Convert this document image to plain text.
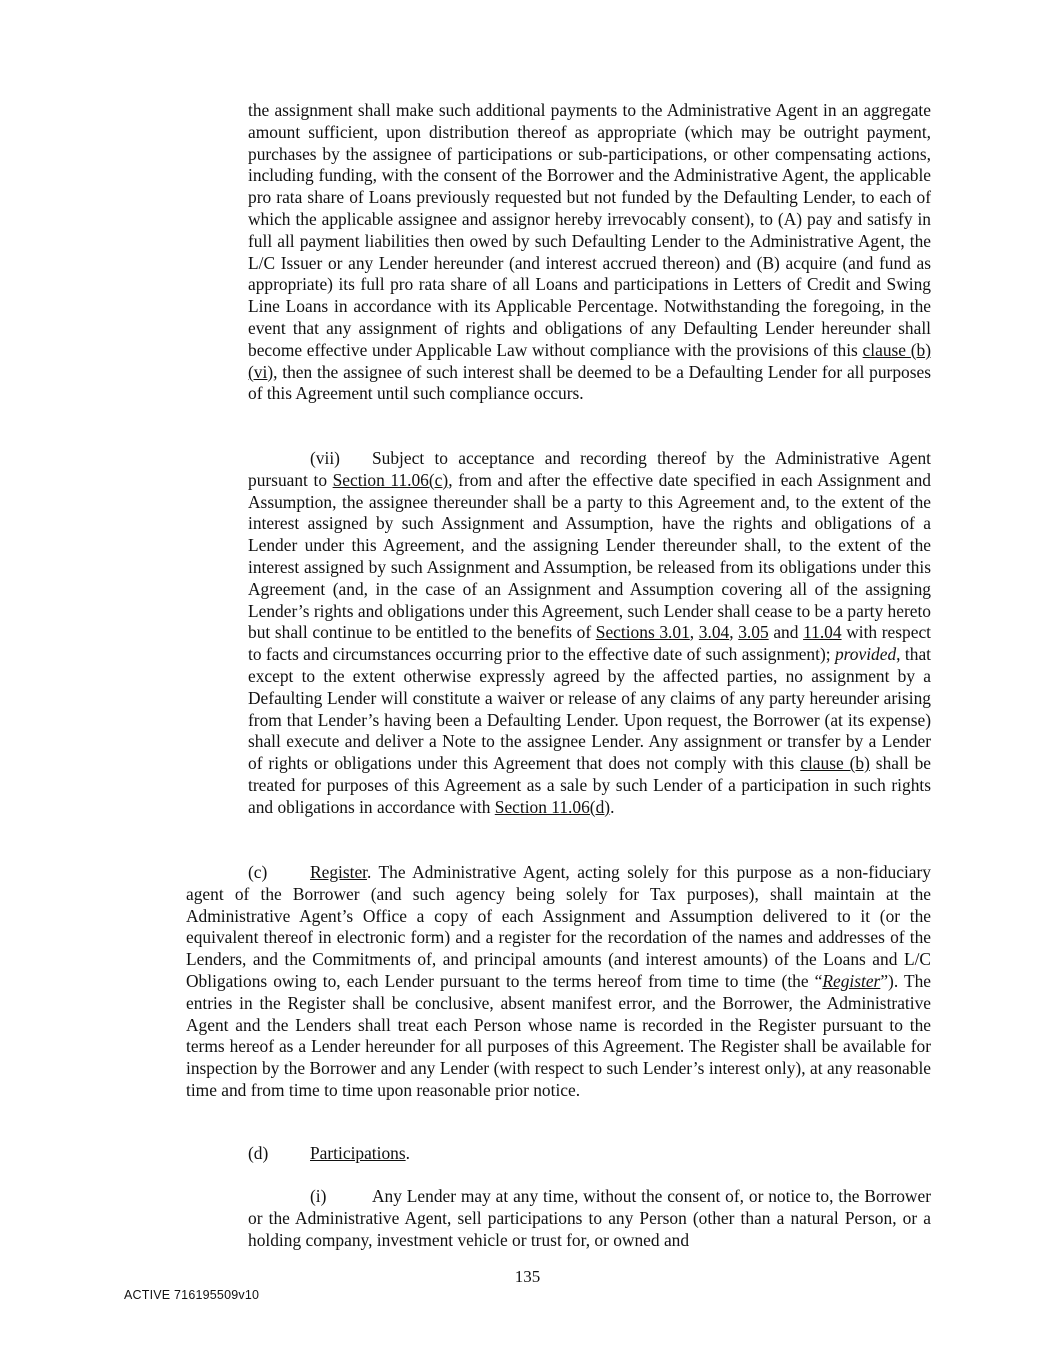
the assignment shall make such additional payments to the Administrative Agent in an aggregate amount sufficient, upon distribution thereof as appropriate (which may be outright payment, purchases by the assignee of participations or sub-participations, or other compensating actions, including funding, with the consent of the Borrower and the Administrative Agent, the applicable pro rata share of Loans previously requested but not funded by the Defaulting Lender, to each of which the applicable assignee and assignor hereby irrevocably consent), to (A) pay and satisfy in full all payment liabilities then owed by such Defaulting Lender to the Administrative Agent, the L/C Issuer or any Lender hereunder (and interest accrued thereon) and (B) acquire (and fund as appropriate) its full pro rata share of all Loans and participations in Letters of Credit and Swing Line Loans in accordance with its Applicable Percentage. Notwithstanding the foregoing, in the event that any assignment of rights and obligations of any Defaulting Lender hereunder shall become effective under Applicable Law without compliance with the provisions of this clause (b)(vi), then the assignee of such interest shall be deemed to be a Defaulting Lender for all purposes of this Agreement until such compliance occurs.

(vii) Subject to acceptance and recording thereof by the Administrative Agent pursuant to Section 11.06(c), from and after the effective date specified in each Assignment and Assumption, the assignee thereunder shall be a party to this Agreement and, to the extent of the interest assigned by such Assignment and Assumption, have the rights and obligations of a Lender under this Agreement, and the assigning Lender thereunder shall, to the extent of the interest assigned by such Assignment and Assumption, be released from its obligations under this Agreement (and, in the case of an Assignment and Assumption covering all of the assigning Lender’s rights and obligations under this Agreement, such Lender shall cease to be a party hereto but shall continue to be entitled to the benefits of Sections 3.01, 3.04, 3.05 and 11.04 with respect to facts and circumstances occurring prior to the effective date of such assignment); provided, that except to the extent otherwise expressly agreed by the affected parties, no assignment by a Defaulting Lender will constitute a waiver or release of any claims of any party hereunder arising from that Lender’s having been a Defaulting Lender. Upon request, the Borrower (at its expense) shall execute and deliver a Note to the assignee Lender. Any assignment or transfer by a Lender of rights or obligations under this Agreement that does not comply with this clause (b) shall be treated for purposes of this Agreement as a sale by such Lender of a participation in such rights and obligations in accordance with Section 11.06(d).

(c) Register. The Administrative Agent, acting solely for this purpose as a non-fiduciary agent of the Borrower (and such agency being solely for Tax purposes), shall maintain at the Administrative Agent’s Office a copy of each Assignment and Assumption delivered to it (or the equivalent thereof in electronic form) and a register for the recordation of the names and addresses of the Lenders, and the Commitments of, and principal amounts (and interest amounts) of the Loans and L/C Obligations owing to, each Lender pursuant to the terms hereof from time to time (the “Register”). The entries in the Register shall be conclusive, absent manifest error, and the Borrower, the Administrative Agent and the Lenders shall treat each Person whose name is recorded in the Register pursuant to the terms hereof as a Lender hereunder for all purposes of this Agreement. The Register shall be available for inspection by the Borrower and any Lender (with respect to such Lender’s interest only), at any reasonable time and from time to time upon reasonable prior notice.

(d) Participations.

(i)	Any Lender may at any time, without the consent of, or notice to, the Borrower or the Administrative Agent, sell participations to any Person (other than a natural Person, or a holding company, investment vehicle or trust for, or owned and

135
ACTIVE 716195509v10
